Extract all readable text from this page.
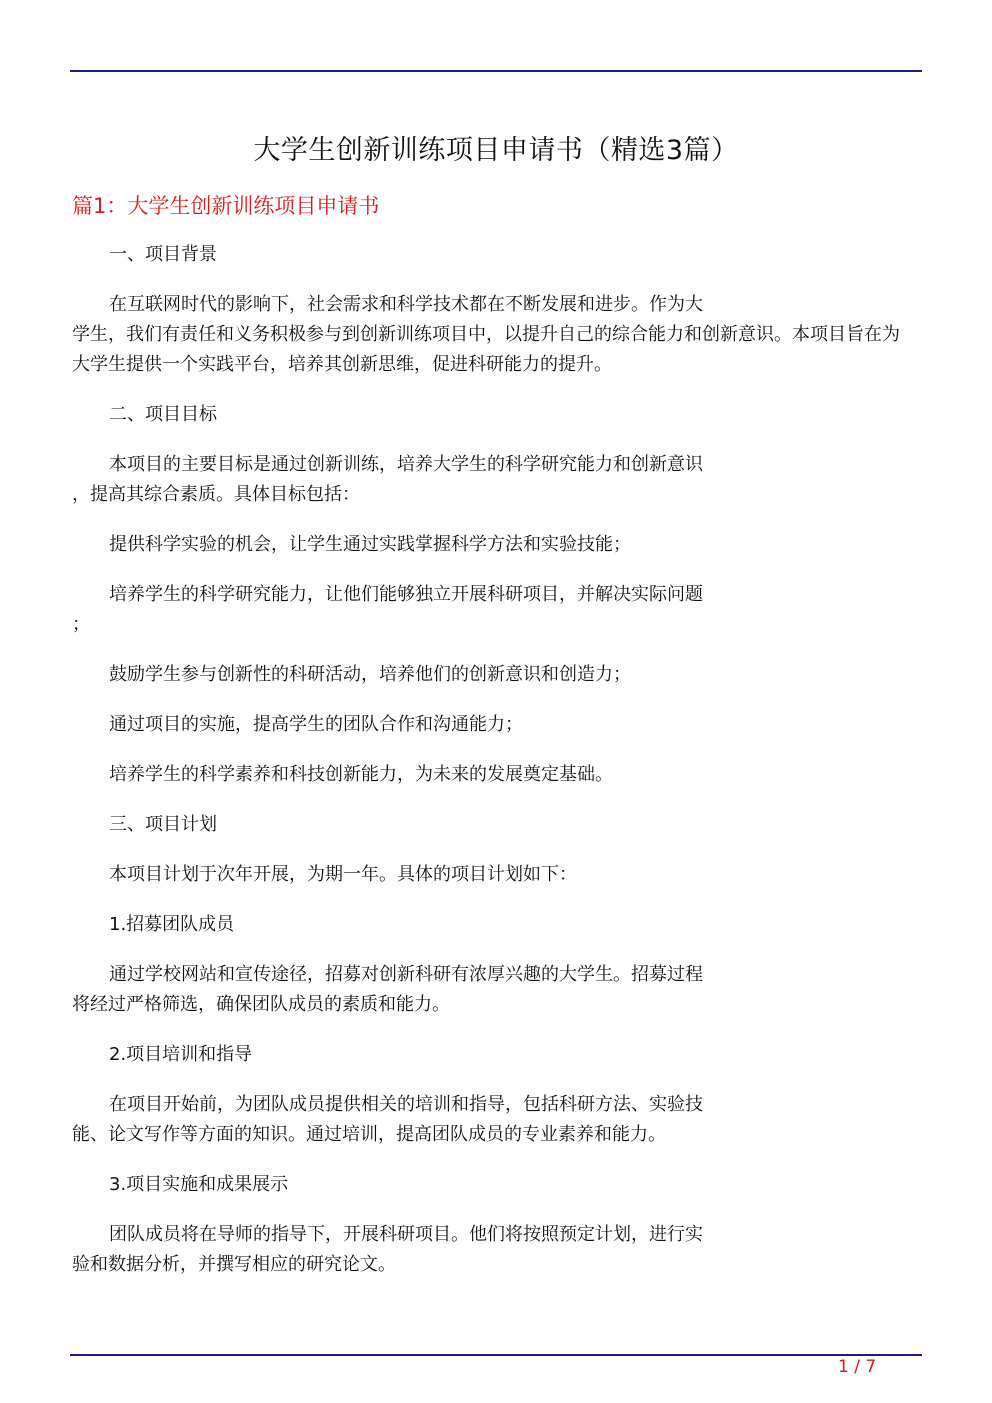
大学生创新训练项目申请书（精选3篇）
篇1：大学生创新训练项目申请书

一、项目背景

在互联网时代的影响下，社会需求和科学技术都在不断发展和进步。作为大
学生，我们有责任和义务积极参与到创新训练项目中，以提升自己的综合能力和创新意识。本项目旨在为大学生提供一个实践平台，培养其创新思维，促进科研能力的提升。

二、项目目标

本项目的主要目标是通过创新训练，培养大学生的科学研究能力和创新意识
，提高其综合素质。具体目标包括：

提供科学实验的机会，让学生通过实践掌握科学方法和实验技能；

培养学生的科学研究能力，让他们能够独立开展科研项目，并解决实际问题
；

鼓励学生参与创新性的科研活动，培养他们的创新意识和创造力；

通过项目的实施，提高学生的团队合作和沟通能力；

培养学生的科学素养和科技创新能力，为未来的发展奠定基础。

三、项目计划

本项目计划于次年开展，为期一年。具体的项目计划如下：

1.招募团队成员

通过学校网站和宣传途径，招募对创新科研有浓厚兴趣的大学生。招募过程
将经过严格筛选，确保团队成员的素质和能力。

2.项目培训和指导

在项目开始前，为团队成员提供相关的培训和指导，包括科研方法、实验技
能、论文写作等方面的知识。通过培训，提高团队成员的专业素养和能力。

3.项目实施和成果展示

团队成员将在导师的指导下，开展科研项目。他们将按照预定计划，进行实
验和数据分析，并撰写相应的研究论文。

1 / 7
